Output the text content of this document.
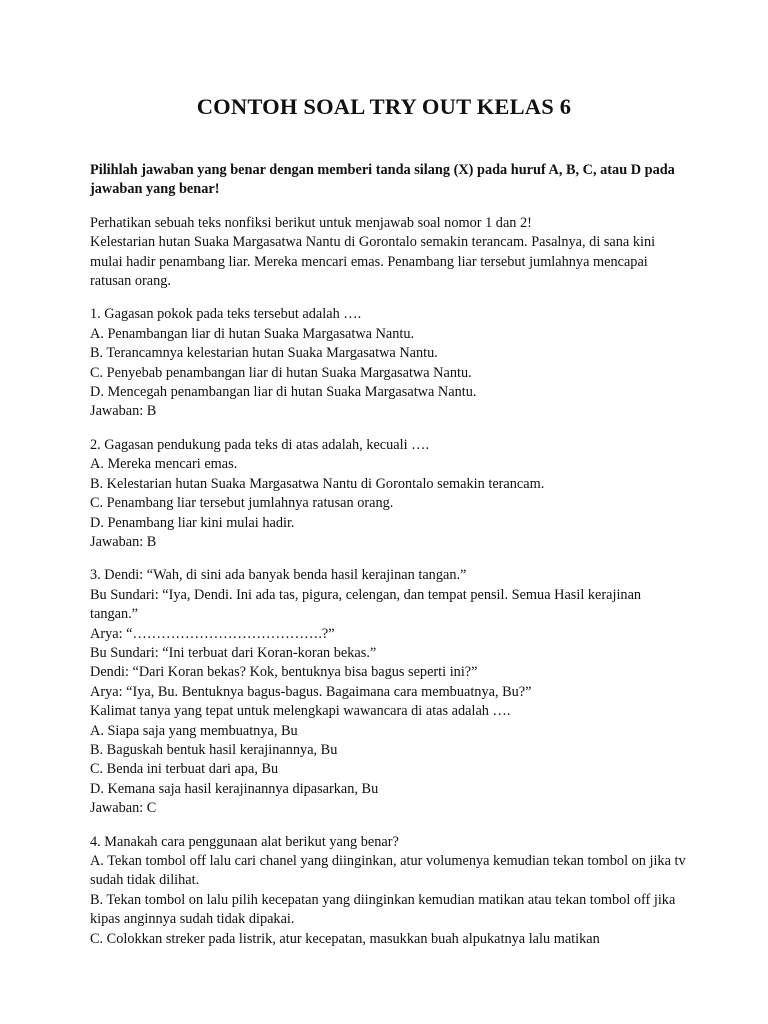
CONTOH SOAL TRY OUT KELAS 6

Pilihlah jawaban yang benar dengan memberi tanda silang (X) pada huruf A, B, C, atau D pada jawaban yang benar!

Perhatikan sebuah teks nonfiksi berikut untuk menjawab soal nomor 1 dan 2!
Kelestarian hutan Suaka Margasatwa Nantu di Gorontalo semakin terancam. Pasalnya, di sana kini mulai hadir penambang liar. Mereka mencari emas. Penambang liar tersebut jumlahnya mencapai ratusan orang.
1. Gagasan pokok pada teks tersebut adalah ….
A. Penambangan liar di hutan Suaka Margasatwa Nantu.
B. Terancamnya kelestarian hutan Suaka Margasatwa Nantu.
C. Penyebab penambangan liar di hutan Suaka Margasatwa Nantu.
D. Mencegah penambangan liar di hutan Suaka Margasatwa Nantu.
Jawaban: B
2. Gagasan pendukung pada teks di atas adalah, kecuali ….
A. Mereka mencari emas.
B. Kelestarian hutan Suaka Margasatwa Nantu di Gorontalo semakin terancam.
C. Penambang liar tersebut jumlahnya ratusan orang.
D. Penambang liar kini mulai hadir.
Jawaban: B
3. Dendi: “Wah, di sini ada banyak benda hasil kerajinan tangan.”
Bu Sundari: “Iya, Dendi. Ini ada tas, pigura, celengan, dan tempat pensil. Semua Hasil kerajinan tangan.”
Arya: “………………………………….?”
Bu Sundari: “Ini terbuat dari Koran-koran bekas.”
Dendi: “Dari Koran bekas? Kok, bentuknya bisa bagus seperti ini?”
Arya: “Iya, Bu. Bentuknya bagus-bagus. Bagaimana cara membuatnya, Bu?”
Kalimat tanya yang tepat untuk melengkapi wawancara di atas adalah ….
A. Siapa saja yang membuatnya, Bu
B. Baguskah bentuk hasil kerajinannya, Bu
C. Benda ini terbuat dari apa, Bu
D. Kemana saja hasil kerajinannya dipasarkan, Bu
Jawaban: C
4. Manakah cara penggunaan alat berikut yang benar?
A. Tekan tombol off lalu cari chanel yang diinginkan, atur volumenya kemudian tekan tombol on jika tv sudah tidak dilihat.
B. Tekan tombol on lalu pilih kecepatan yang diinginkan kemudian matikan atau tekan tombol off jika kipas anginnya sudah tidak dipakai.
C. Colokkan streker pada listrik, atur kecepatan, masukkan buah alpukatnya lalu matikan
